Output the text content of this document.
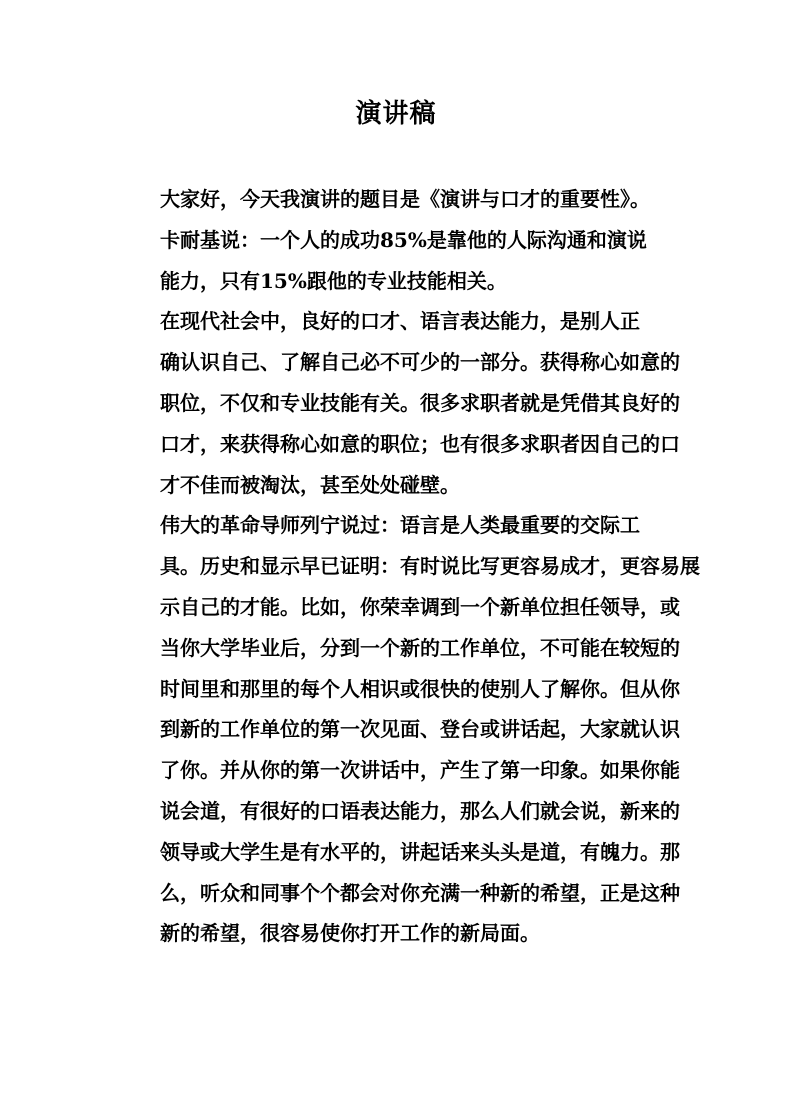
演讲稿

大家好，今天我演讲的题目是《演讲与口才的重要性》。

卡耐基说：一个人的成功85%是靠他的人际沟通和演说
能力，只有15%跟他的专业技能相关。

在现代社会中，良好的口才、语言表达能力，是别人正
确认识自己、了解自己必不可少的一部分。获得称心如意的
职位，不仅和专业技能有关。很多求职者就是凭借其良好的
口才，来获得称心如意的职位；也有很多求职者因自己的口
才不佳而被淘汰，甚至处处碰壁。

伟大的革命导师列宁说过：语言是人类最重要的交际工
具。历史和显示早已证明：有时说比写更容易成才，更容易展
示自己的才能。比如，你荣幸调到一个新单位担任领导，或
当你大学毕业后，分到一个新的工作单位，不可能在较短的
时间里和那里的每个人相识或很快的使别人了解你。但从你
到新的工作单位的第一次见面、登台或讲话起，大家就认识
了你。并从你的第一次讲话中，产生了第一印象。如果你能
说会道，有很好的口语表达能力，那么人们就会说，新来的
领导或大学生是有水平的，讲起话来头头是道，有魄力。那
么，听众和同事个个都会对你充满一种新的希望，正是这种
新的希望，很容易使你打开工作的新局面。
